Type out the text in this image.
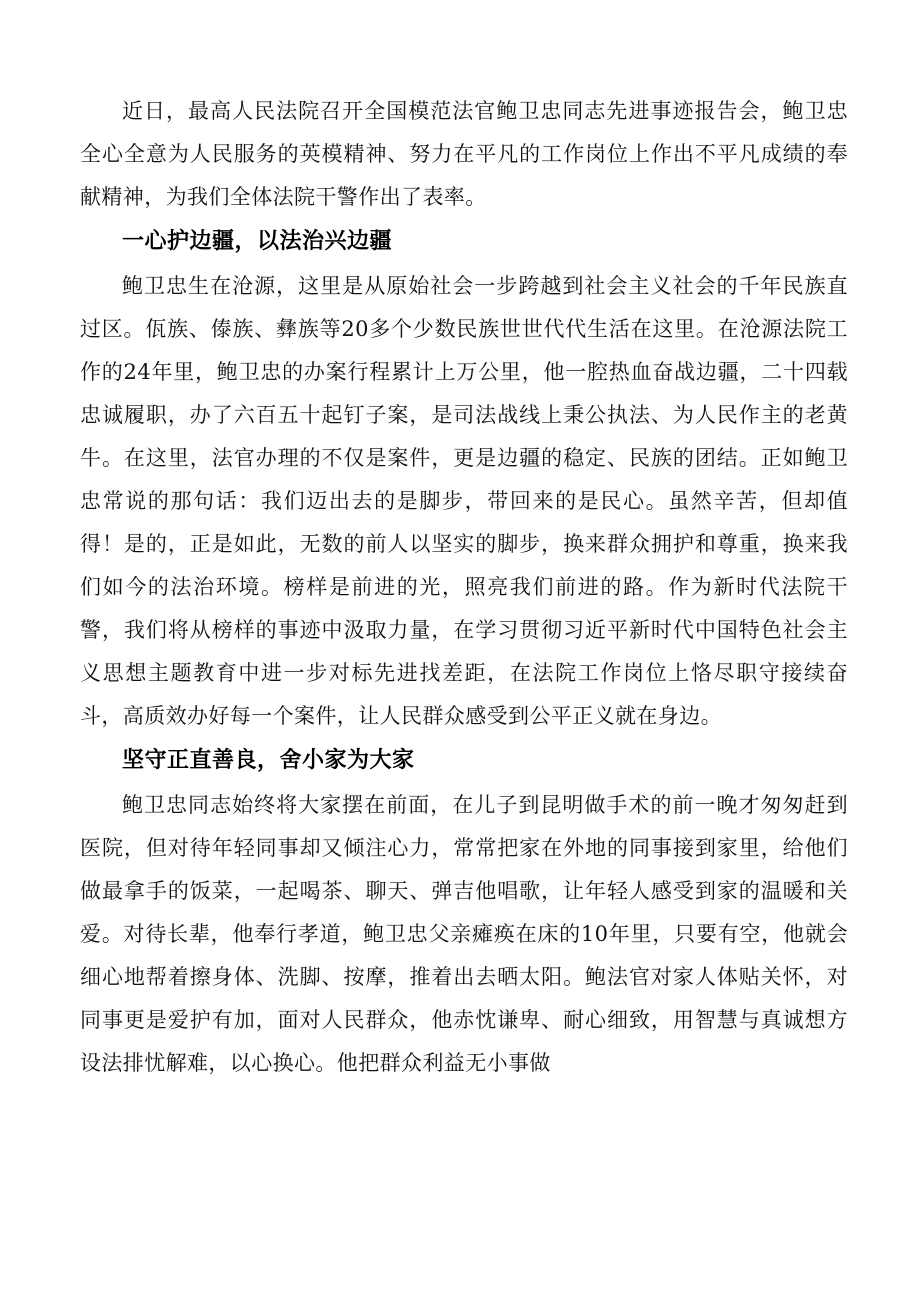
近日，最高人民法院召开全国模范法官鲍卫忠同志先进事迹报告会，鲍卫忠全心全意为人民服务的英模精神、努力在平凡的工作岗位上作出不平凡成绩的奉献精神，为我们全体法院干警作出了表率。

一心护边疆，以法治兴边疆

鲍卫忠生在沧源，这里是从原始社会一步跨越到社会主义社会的千年民族直过区。佤族、傣族、彝族等20多个少数民族世世代代生活在这里。在沧源法院工作的24年里，鲍卫忠的办案行程累计上万公里，他一腔热血奋战边疆，二十四载忠诚履职，办了六百五十起钉子案，是司法战线上秉公执法、为人民作主的老黄牛。在这里，法官办理的不仅是案件，更是边疆的稳定、民族的团结。正如鲍卫忠常说的那句话：我们迈出去的是脚步，带回来的是民心。虽然辛苦，但却值得！是的，正是如此，无数的前人以坚实的脚步，换来群众拥护和尊重，换来我们如今的法治环境。榜样是前进的光，照亮我们前进的路。作为新时代法院干警，我们将从榜样的事迹中汲取力量，在学习贯彻习近平新时代中国特色社会主义思想主题教育中进一步对标先进找差距，在法院工作岗位上恪尽职守接续奋斗，高质效办好每一个案件，让人民群众感受到公平正义就在身边。

坚守正直善良，舍小家为大家

鲍卫忠同志始终将大家摆在前面，在儿子到昆明做手术的前一晚才匆匆赶到医院，但对待年轻同事却又倾注心力，常常把家在外地的同事接到家里，给他们做最拿手的饭菜，一起喝茶、聊天、弹吉他唱歌，让年轻人感受到家的温暖和关爱。对待长辈，他奉行孝道，鲍卫忠父亲瘫痪在床的10年里，只要有空，他就会细心地帮着擦身体、洗脚、按摩，推着出去晒太阳。鲍法官对家人体贴关怀，对同事更是爱护有加，面对人民群众，他赤忱谦卑、耐心细致，用智慧与真诚想方设法排忧解难，以心换心。他把群众利益无小事做
